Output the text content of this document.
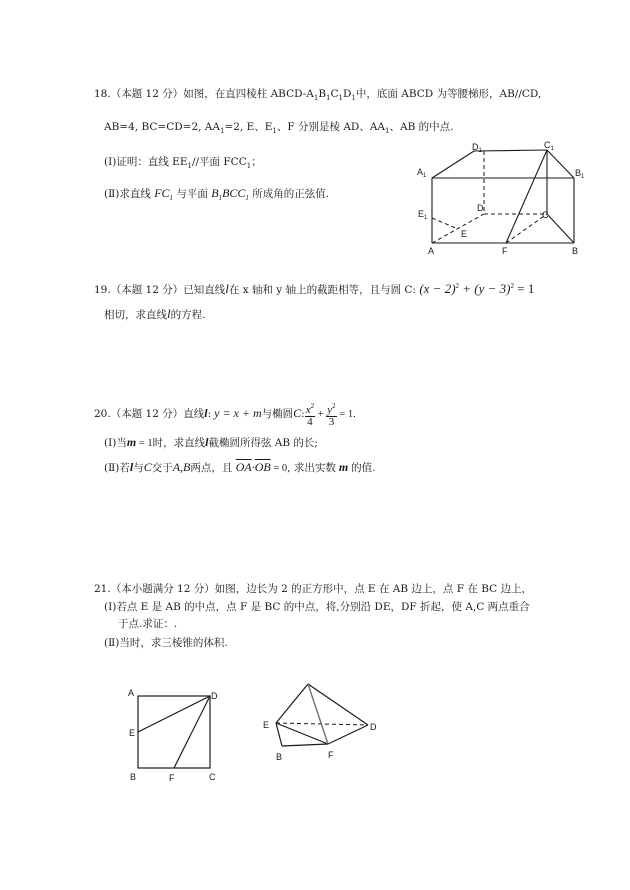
18.（本题 12 分）如图，在直四棱柱 ABCD-$A_1B_1C_1D_1$中，底面 ABCD 为等腰梯形，AB//CD,
AB=4, BC=CD=2, $AA_1=2$, E、$E_1$、F 分别是棱 AD、$AA_1$、AB 的中点.
(Ⅰ)证明：直线 $EE_1//$平面 $FCC_1$；
(Ⅱ)求直线 $FC_1$ 与平面 $B_1BCC_1$ 所成角的正弦值.
$A_1$
$D_1$
$C_1$
$B_1$
$E_1$
D
C
E
A	F	B
19.（本题 12 分）已知直线l在 x 轴和 y 轴上的截距相等，且与圆 C: $(x - 2)^2 + (y - 3)^2 = 1$
相切，求直线l的方程.
20.（本题 12 分）直线l: y = x + m与椭圆C: $\frac{x^2}{4} + \frac{y^2}{3} = 1$.
(Ⅰ)当m = 1时，求直线l截椭圆所得弦 AB 的长;
(Ⅱ)若l与C交于A,B两点，且 $\overline{OA}\cdot\overline{OB} = 0$, 求出实数 m 的值.
21.（本小题满分 12 分）如图，边长为 2 的正方形中，点 E 在 AB 边上，点 F 在 BC 边上，
(Ⅰ)若点 E 是 AB 的中点，点 F 是 BC 的中点，将,分别沿 DE，DF 折起，使 A,C 两点重合
于点.求证：.
(Ⅱ)当时，求三棱锥的体积.
A	D
E
B	F	C
E	D
B	F
